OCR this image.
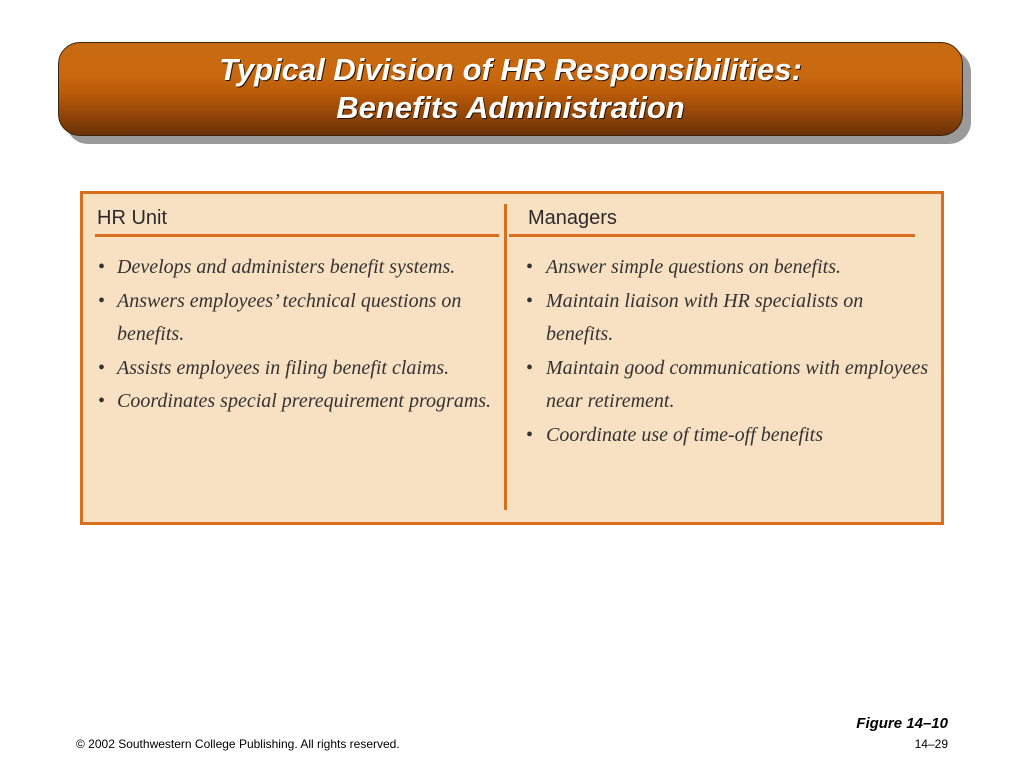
Typical Division of HR Responsibilities:
Benefits Administration
HR Unit
• Develops and administers benefit systems.
• Answers employees’ technical questions on benefits.
• Assists employees in filing benefit claims.
• Coordinates special prerequirement programs.
Managers
• Answer simple questions on benefits.
• Maintain liaison with HR specialists on benefits.
• Maintain good communications with employees near retirement.
• Coordinate use of time-off benefits
Figure 14–10
© 2002 Southwestern College Publishing. All rights reserved.	14–29
